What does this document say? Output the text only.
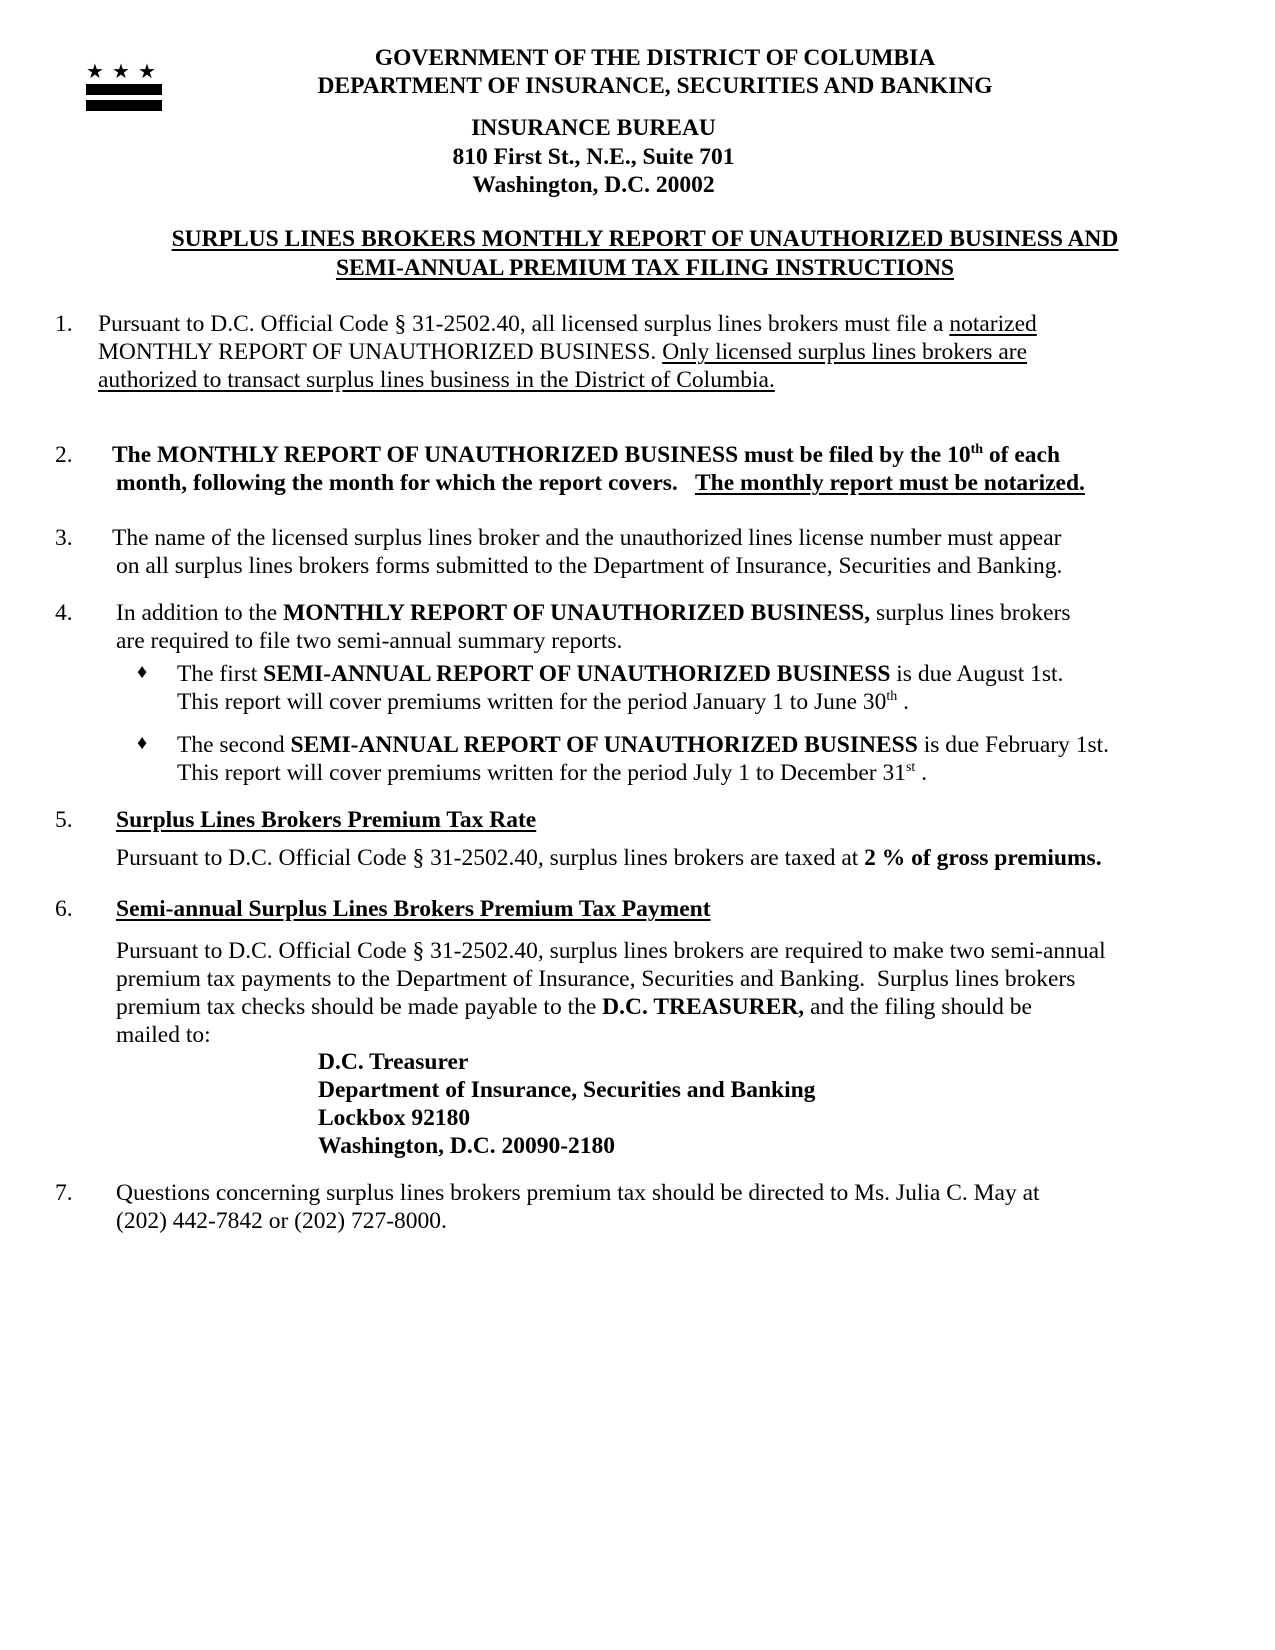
★ ★ ★
GOVERNMENT OF THE DISTRICT OF COLUMBIA
DEPARTMENT OF INSURANCE, SECURITIES AND BANKING
INSURANCE BUREAU
810 First St., N.E., Suite 701
Washington, D.C. 20002
SURPLUS LINES BROKERS MONTHLY REPORT OF UNAUTHORIZED BUSINESS AND
SEMI-ANNUAL PREMIUM TAX FILING INSTRUCTIONS
1. Pursuant to D.C. Official Code § 31-2502.40, all licensed surplus lines brokers must file a notarized
MONTHLY REPORT OF UNAUTHORIZED BUSINESS. Only licensed surplus lines brokers are
authorized to transact surplus lines business in the District of Columbia.
2. The MONTHLY REPORT OF UNAUTHORIZED BUSINESS must be filed by the 10th of each
month, following the month for which the report covers.   The monthly report must be notarized.
3. The name of the licensed surplus lines broker and the unauthorized lines license number must appear
on all surplus lines brokers forms submitted to the Department of Insurance, Securities and Banking.
4. In addition to the MONTHLY REPORT OF UNAUTHORIZED BUSINESS, surplus lines brokers
are required to file two semi-annual summary reports.
♦ The first SEMI-ANNUAL REPORT OF UNAUTHORIZED BUSINESS is due August 1st.
This report will cover premiums written for the period January 1 to June 30th .
♦ The second SEMI-ANNUAL REPORT OF UNAUTHORIZED BUSINESS is due February 1st.
This report will cover premiums written for the period July 1 to December 31st .
5. Surplus Lines Brokers Premium Tax Rate
Pursuant to D.C. Official Code § 31-2502.40, surplus lines brokers are taxed at 2 % of gross premiums.
6. Semi-annual Surplus Lines Brokers Premium Tax Payment
Pursuant to D.C. Official Code § 31-2502.40, surplus lines brokers are required to make two semi-annual
premium tax payments to the Department of Insurance, Securities and Banking.  Surplus lines brokers
premium tax checks should be made payable to the D.C. TREASURER, and the filing should be
mailed to:
D.C. Treasurer
Department of Insurance, Securities and Banking
Lockbox 92180
Washington, D.C. 20090-2180
7. Questions concerning surplus lines brokers premium tax should be directed to Ms. Julia C. May at
(202) 442-7842 or (202) 727-8000.
